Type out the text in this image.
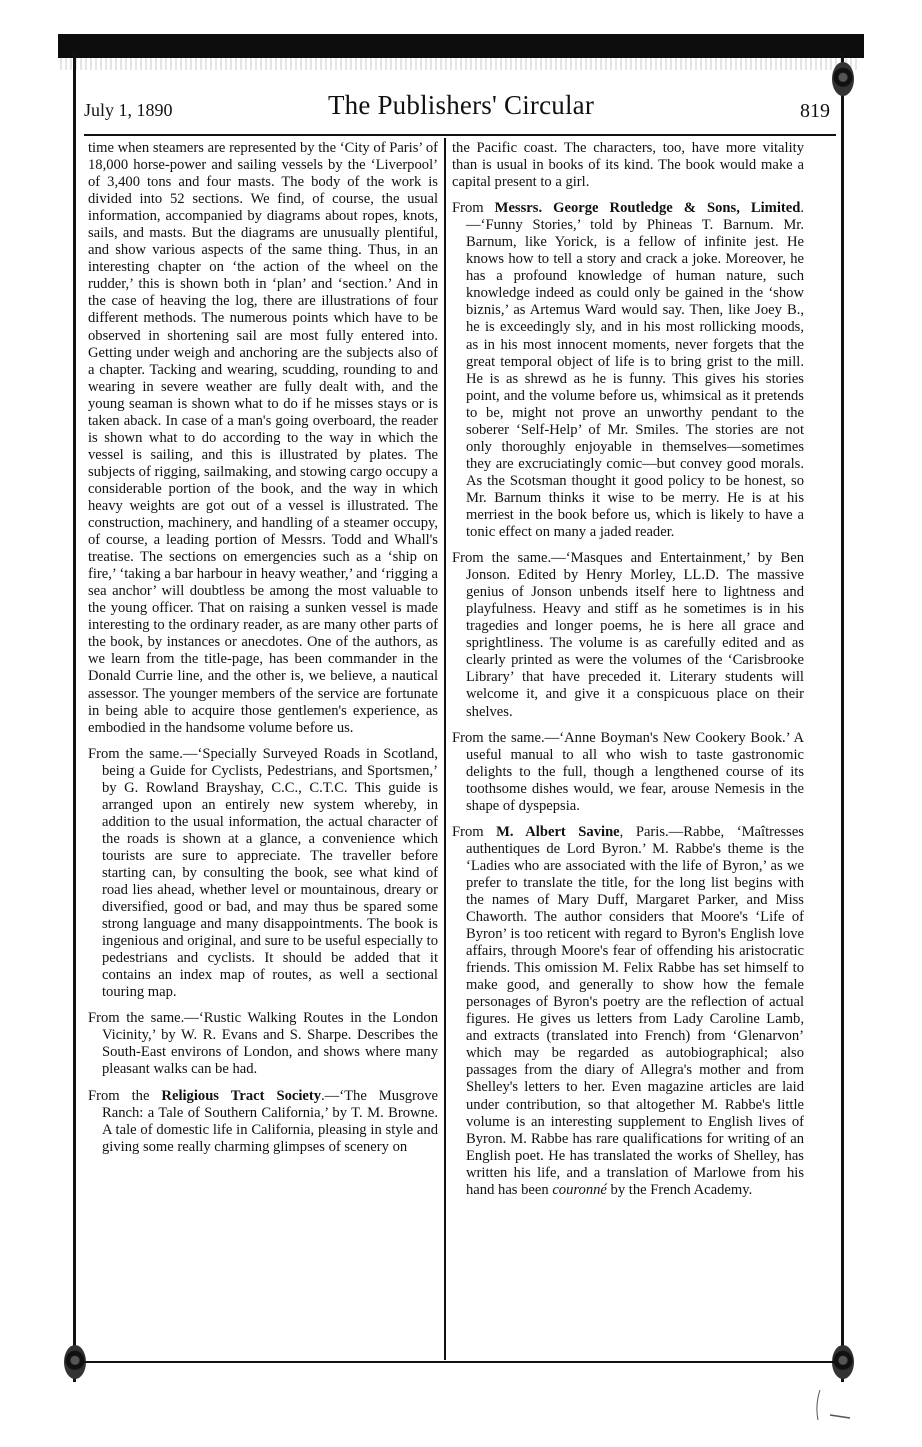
July 1, 1890	The Publishers' Circular	819

time when steamers are represented by the ‘City of Paris’ of 18,000 horse-power and sailing vessels by the ‘Liverpool’ of 3,400 tons and four masts. The body of the work is divided into 52 sections. We find, of course, the usual information, accompanied by diagrams about ropes, knots, sails, and masts. But the diagrams are unusually plentiful, and show various aspects of the same thing. Thus, in an interesting chapter on ‘the action of the wheel on the rudder,’ this is shown both in ‘plan’ and ‘section.’ And in the case of heaving the log, there are illustrations of four different methods. The numerous points which have to be observed in shortening sail are most fully entered into. Getting under weigh and anchoring are the subjects also of a chapter. Tacking and wearing, scudding, rounding to and wearing in severe weather are fully dealt with, and the young seaman is shown what to do if he misses stays or is taken aback. In case of a man's going overboard, the reader is shown what to do according to the way in which the vessel is sailing, and this is illustrated by plates. The subjects of rigging, sailmaking, and stowing cargo occupy a considerable portion of the book, and the way in which heavy weights are got out of a vessel is illustrated. The construction, machinery, and handling of a steamer occupy, of course, a leading portion of Messrs. Todd and Whall's treatise. The sections on emergencies such as a ‘ship on fire,’ ‘taking a bar harbour in heavy weather,’ and ‘rigging a sea anchor’ will doubtless be among the most valuable to the young officer. That on raising a sunken vessel is made interesting to the ordinary reader, as are many other parts of the book, by instances or anecdotes. One of the authors, as we learn from the title-page, has been commander in the Donald Currie line, and the other is, we believe, a nautical assessor. The younger members of the service are fortunate in being able to acquire those gentlemen's experience, as embodied in the handsome volume before us.

From the same.—‘Specially Surveyed Roads in Scotland, being a Guide for Cyclists, Pedestrians, and Sportsmen,’ by G. Rowland Brayshay, C.C., C.T.C. This guide is arranged upon an entirely new system whereby, in addition to the usual information, the actual character of the roads is shown at a glance, a convenience which tourists are sure to appreciate. The traveller before starting can, by consulting the book, see what kind of road lies ahead, whether level or mountainous, dreary or diversified, good or bad, and may thus be spared some strong language and many disappointments. The book is ingenious and original, and sure to be useful especially to pedestrians and cyclists. It should be added that it contains an index map of routes, as well a sectional touring map.

From the same.—‘Rustic Walking Routes in the London Vicinity,’ by W. R. Evans and S. Sharpe. Describes the South-East environs of London, and shows where many pleasant walks can be had.

From the Religious Tract Society.—‘The Musgrove Ranch: a Tale of Southern California,’ by T. M. Browne. A tale of domestic life in California, pleasing in style and giving some really charming glimpses of scenery on

the Pacific coast. The characters, too, have more vitality than is usual in books of its kind. The book would make a capital present to a girl.

From Messrs. George Routledge & Sons, Limited.—‘Funny Stories,’ told by Phineas T. Barnum. Mr. Barnum, like Yorick, is a fellow of infinite jest. He knows how to tell a story and crack a joke. Moreover, he has a profound knowledge of human nature, such knowledge indeed as could only be gained in the ‘show biznis,’ as Artemus Ward would say. Then, like Joey B., he is exceedingly sly, and in his most rollicking moods, as in his most innocent moments, never forgets that the great temporal object of life is to bring grist to the mill. He is as shrewd as he is funny. This gives his stories point, and the volume before us, whimsical as it pretends to be, might not prove an unworthy pendant to the soberer ‘Self-Help’ of Mr. Smiles. The stories are not only thoroughly enjoyable in themselves—sometimes they are excruciatingly comic—but convey good morals. As the Scotsman thought it good policy to be honest, so Mr. Barnum thinks it wise to be merry. He is at his merriest in the book before us, which is likely to have a tonic effect on many a jaded reader.

From the same.—‘Masques and Entertainment,’ by Ben Jonson. Edited by Henry Morley, LL.D. The massive genius of Jonson unbends itself here to lightness and playfulness. Heavy and stiff as he sometimes is in his tragedies and longer poems, he is here all grace and sprightliness. The volume is as carefully edited and as clearly printed as were the volumes of the ‘Carisbrooke Library’ that have preceded it. Literary students will welcome it, and give it a conspicuous place on their shelves.

From the same.—‘Anne Boyman's New Cookery Book.’ A useful manual to all who wish to taste gastronomic delights to the full, though a lengthened course of its toothsome dishes would, we fear, arouse Nemesis in the shape of dyspepsia.

From M. Albert Savine, Paris.—Rabbe, ‘Maîtresses authentiques de Lord Byron.’ M. Rabbe's theme is the ‘Ladies who are associated with the life of Byron,’ as we prefer to translate the title, for the long list begins with the names of Mary Duff, Margaret Parker, and Miss Chaworth. The author considers that Moore's ‘Life of Byron’ is too reticent with regard to Byron's English love affairs, through Moore's fear of offending his aristocratic friends. This omission M. Felix Rabbe has set himself to make good, and generally to show how the female personages of Byron's poetry are the reflection of actual figures. He gives us letters from Lady Caroline Lamb, and extracts (translated into French) from ‘Glenarvon’ which may be regarded as autobiographical; also passages from the diary of Allegra's mother and from Shelley's letters to her. Even magazine articles are laid under contribution, so that altogether M. Rabbe's little volume is an interesting supplement to English lives of Byron. M. Rabbe has rare qualifications for writing of an English poet. He has translated the works of Shelley, has written his life, and a translation of Marlowe from his hand has been couronné by the French Academy.
